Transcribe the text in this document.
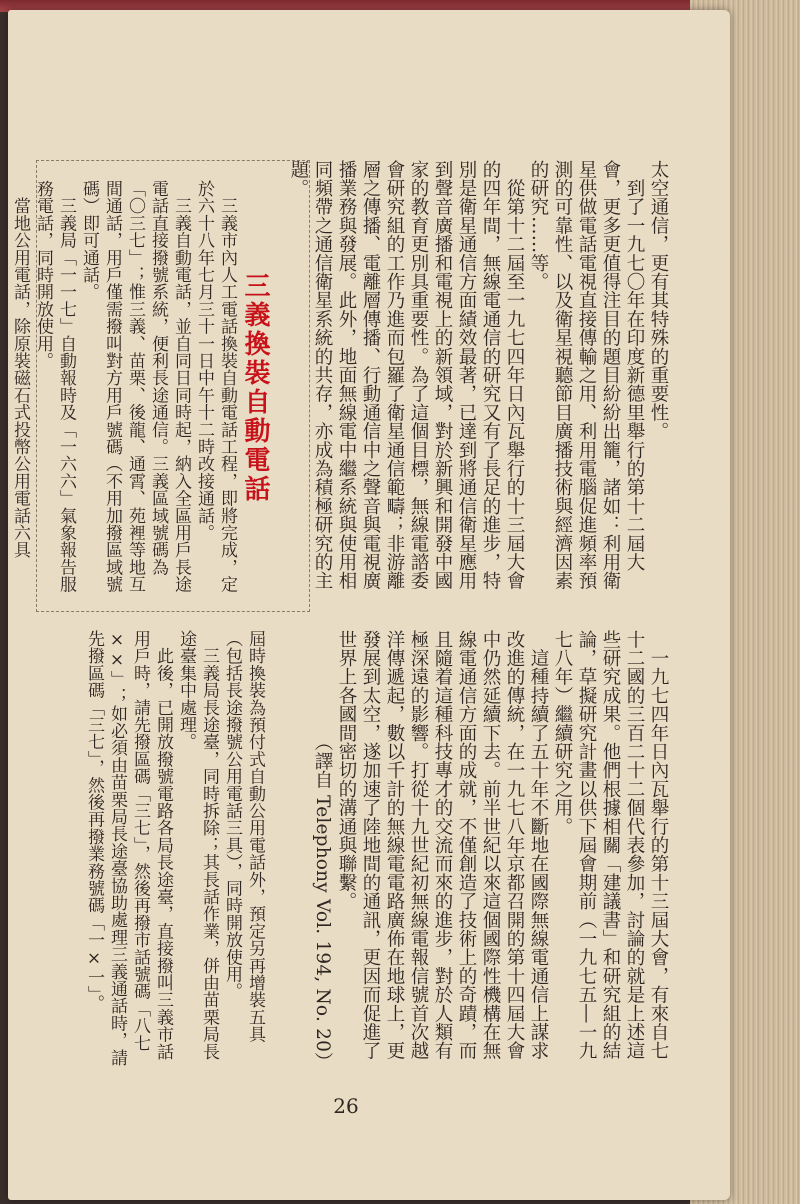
太空通信，更有其特殊的重要性。
　到了一九七〇年在印度新德里舉行的第十二屆大會，更多更值得注目的題目紛紛出籠，諸如：利用衛星供做電話電視直接傳輸之用、利用電腦促進頻率預測的可靠性、以及衛星視聽節目廣播技術與經濟因素的研究……等。
　從第十二屆至一九七四年日內瓦舉行的十三屆大會的四年間，無線電通信的研究又有了長足的進步，特別是衛星通信方面績效最著，已達到將通信衛星應用到聲音廣播和電視上的新領域，對於新興和開發中國家的教育更別具重要性。為了這個目標，無線電諮委會研究組的工作乃進而包羅了衛星通信範疇；非游離層之傳播、電離層傳播、行動通信中之聲音與電視廣播業務與發展。此外，地面無線電中繼系統與使用相同頻帶之通信衛星系統的共存，亦成為積極研究的主題。
　一九七四年日內瓦舉行的第十三屆大會，有來自七十二國的三百二十二個代表參加，討論的就是上述這些研究成果。他們根據相關「建議書」和研究組的結論，草擬研究計畫以供下屆會期前（一九七五―一九七八年）繼續研究之用。
　這種持續了五十年不斷地在國際無線電通信上謀求改進的傳統，在一九七八年京都召開的第十四屆大會中仍然延續下去。前半世紀以來這個國際性機構在無線電通信方面的成就，不僅創造了技術上的奇蹟，而且隨着這種科技專才的交流而來的進步，對於人類有極深遠的影響。打從十九世紀初無線電報信號首次越洋傳遞起，數以千計的無線電電路廣佈在地球上，更發展到太空，遂加速了陸地間的通訊，更因而促進了世界上各國間密切的溝通與聯繫。
　　　　　　（譯自 Telephony Vol. 194, No. 20）
三義換裝自動電話
　三義市內人工電話換裝自動電話工程，即將完成，定於六十八年七月三十一日中午十二時改接通話。
　三義自動電話，並自同日同時起，納入全區用戶長途電話直接撥號系統，便利長途通信。三義區域號碼為「〇三七」；惟三義、苗栗、後龍、通霄、苑裡等地互間通話，用戶僅需撥叫對方用戶號碼（不用加撥區域號碼）即可通話。
　三義局「一一七」自動報時及「一六六」氣象報告服務電話，同時開放使用。
　當地公用電話，除原裝磁石式投幣公用電話六具
屆時換裝為預付式自動公用電話外，預定另再增裝五具（包括長途撥號公用電話三具），同時開放使用。
　三義局長途臺，同時拆除；其長話作業，併由苗栗局長途臺集中處理。
　此後，已開放撥號電路各局長途臺，直接撥叫三義市話用戶時，請先撥區碼「三七」，然後再撥市話號碼「八七××」；如必須由苗栗局長途臺協助處理三義通話時，請先撥區碼「三七」，然後再撥業務號碼「一×一」。
26
